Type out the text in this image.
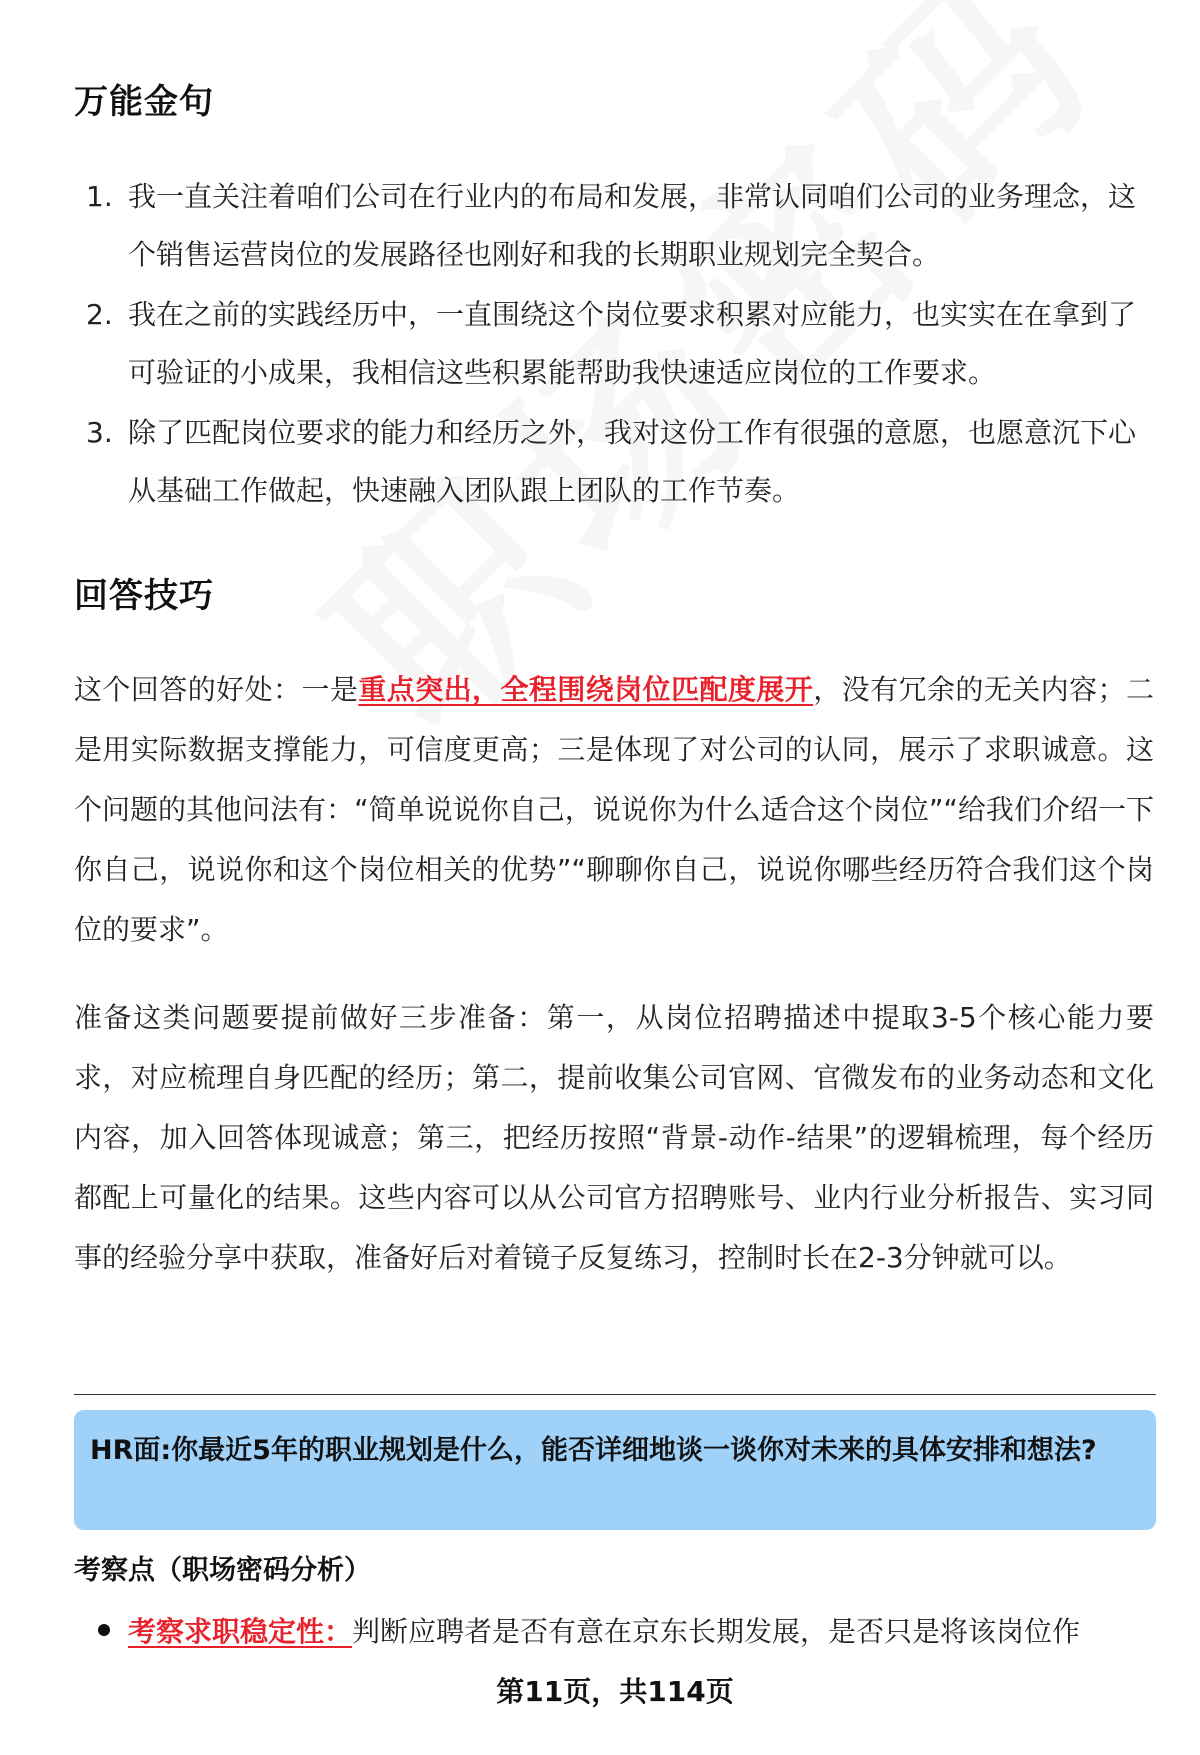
万能金句
1. 我一直关注着咱们公司在行业内的布局和发展，非常认同咱们公司的业务理念，这个销售运营岗位的发展路径也刚好和我的长期职业规划完全契合。
2. 我在之前的实践经历中，一直围绕这个岗位要求积累对应能力，也实实在在拿到了可验证的小成果，我相信这些积累能帮助我快速适应岗位的工作要求。
3. 除了匹配岗位要求的能力和经历之外，我对这份工作有很强的意愿，也愿意沉下心从基础工作做起，快速融入团队跟上团队的工作节奏。
回答技巧

这个回答的好处：一是重点突出，全程围绕岗位匹配度展开，没有冗余的无关内容；二是用实际数据支撑能力，可信度更高；三是体现了对公司的认同，展示了求职诚意。这个问题的其他问法有：“简单说说你自己，说说你为什么适合这个岗位”“给我们介绍一下你自己，说说你和这个岗位相关的优势”“聊聊你自己，说说你哪些经历符合我们这个岗位的要求”。

准备这类问题要提前做好三步准备：第一，从岗位招聘描述中提取3-5个核心能力要求，对应梳理自身匹配的经历；第二，提前收集公司官网、官微发布的业务动态和文化内容，加入回答体现诚意；第三，把经历按照“背景-动作-结果”的逻辑梳理，每个经历都配上可量化的结果。这些内容可以从公司官方招聘账号、业内行业分析报告、实习同事的经验分享中获取，准备好后对着镜子反复练习，控制时长在2-3分钟就可以。

HR面:你最近5年的职业规划是什么，能否详细地谈一谈你对未来的具体安排和想法?
考察点（职场密码分析）
考察求职稳定性：判断应聘者是否有意在京东长期发展，是否只是将该岗位作
第11页，共114页
